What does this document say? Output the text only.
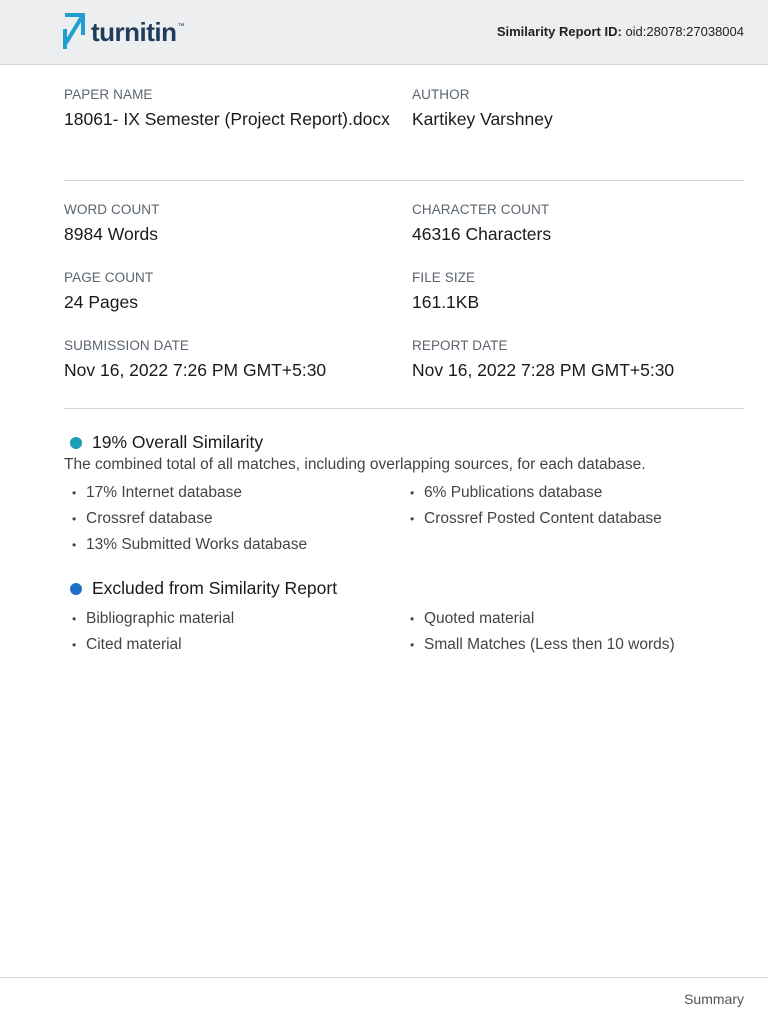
turnitin ™	Similarity Report ID: oid:28078:27038004
PAPER NAME
18061- IX Semester (Project Report).docx
AUTHOR
Kartikey Varshney
WORD COUNT
8984 Words
CHARACTER COUNT
46316 Characters
PAGE COUNT
24 Pages
FILE SIZE
161.1KB
SUBMISSION DATE
Nov 16, 2022 7:26 PM GMT+5:30
REPORT DATE
Nov 16, 2022 7:28 PM GMT+5:30
19% Overall Similarity
The combined total of all matches, including overlapping sources, for each database.
• 17% Internet database	• 6% Publications database
• Crossref database	• Crossref Posted Content database
• 13% Submitted Works database
Excluded from Similarity Report
• Bibliographic material	• Quoted material
• Cited material	• Small Matches (Less then 10 words)
Summary
